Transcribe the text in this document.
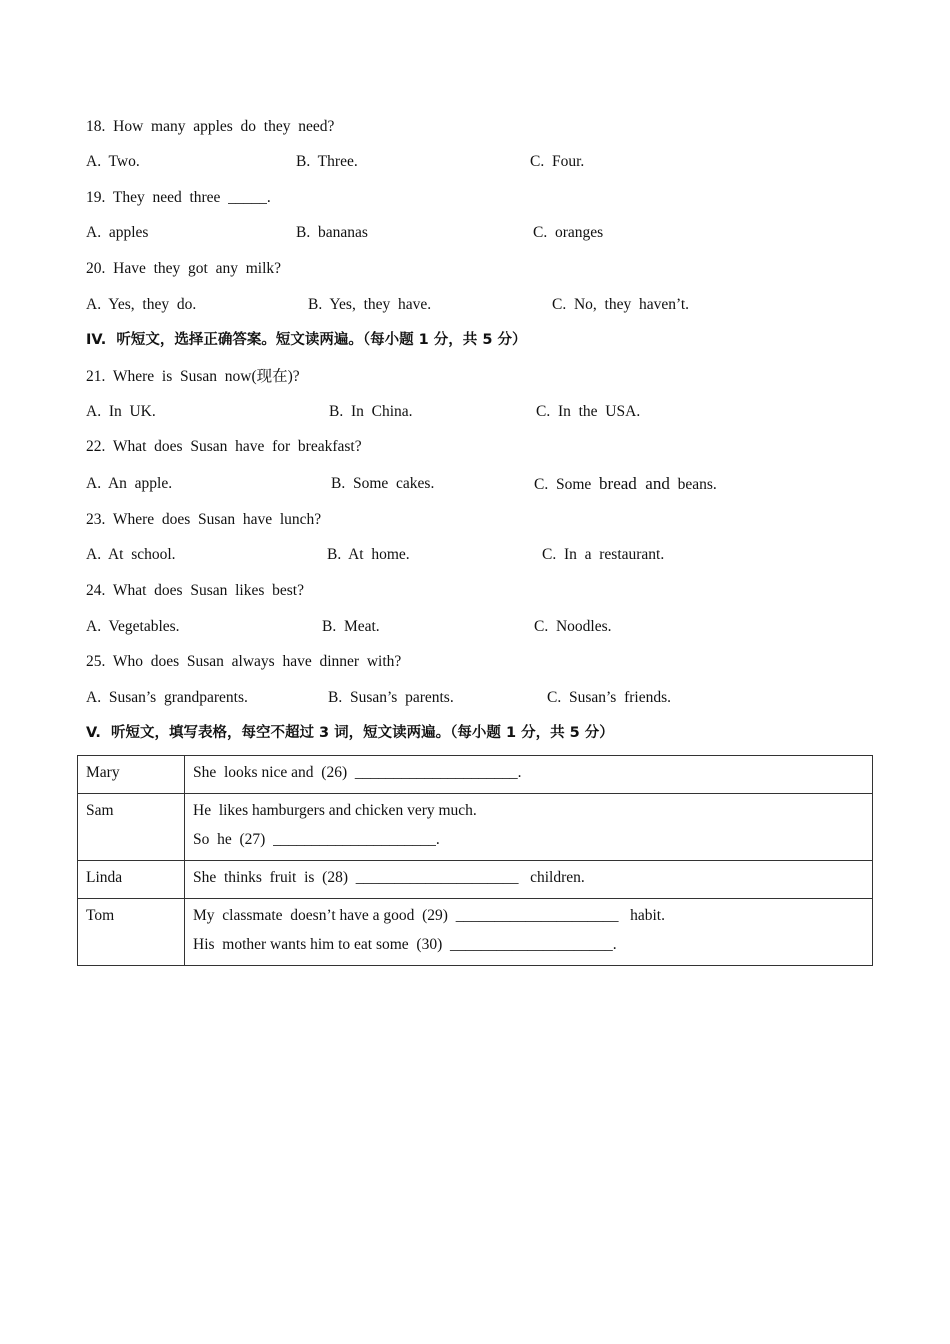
18.  How  many  apples  do  they  need?
A.  Two.	B.  Three.	C.  Four.
19.  They  need  three  _____.
A.  apples	B.  bananas	C.  oranges
20.  Have  they  got  any  milk?
A.  Yes,  they  do.	B.  Yes,  they  have.	C.  No,  they  haven’t.
IV.  听短文，选择正确答案。短文读两遍。（每小题 1 分，共 5 分）
21.  Where  is  Susan  now(现在)?
A.  In  UK.	B.  In  China.	C.  In  the  USA.
22.  What  does  Susan  have  for  breakfast?
A.  An  apple.	B.  Some  cakes.	C.  Some  bread  and  beans.
23.  Where  does  Susan  have  lunch?
A.  At  school.	B.  At  home.	C.  In  a  restaurant.
24.  What  does  Susan  likes  best?
A.  Vegetables.	B.  Meat.	C.  Noodles.
25.  Who  does  Susan  always  have  dinner  with?
A.  Susan’s  grandparents.	B.  Susan’s  parents.	C.  Susan’s  friends.
V.  听短文，填写表格，每空不超过 3 词，短文读两遍。（每小题 1 分，共 5 分）
Mary	She  looks nice and  (26)  _____________________.

Sam	He  likes hamburgers and chicken very much.
So  he  (27)  _____________________.

Linda	She  thinks  fruit  is  (28)  _____________________   children.

Tom	My  classmate  doesn’t have a good  (29)  _____________________   habit.
His  mother wants him to eat some  (30)  _____________________.
